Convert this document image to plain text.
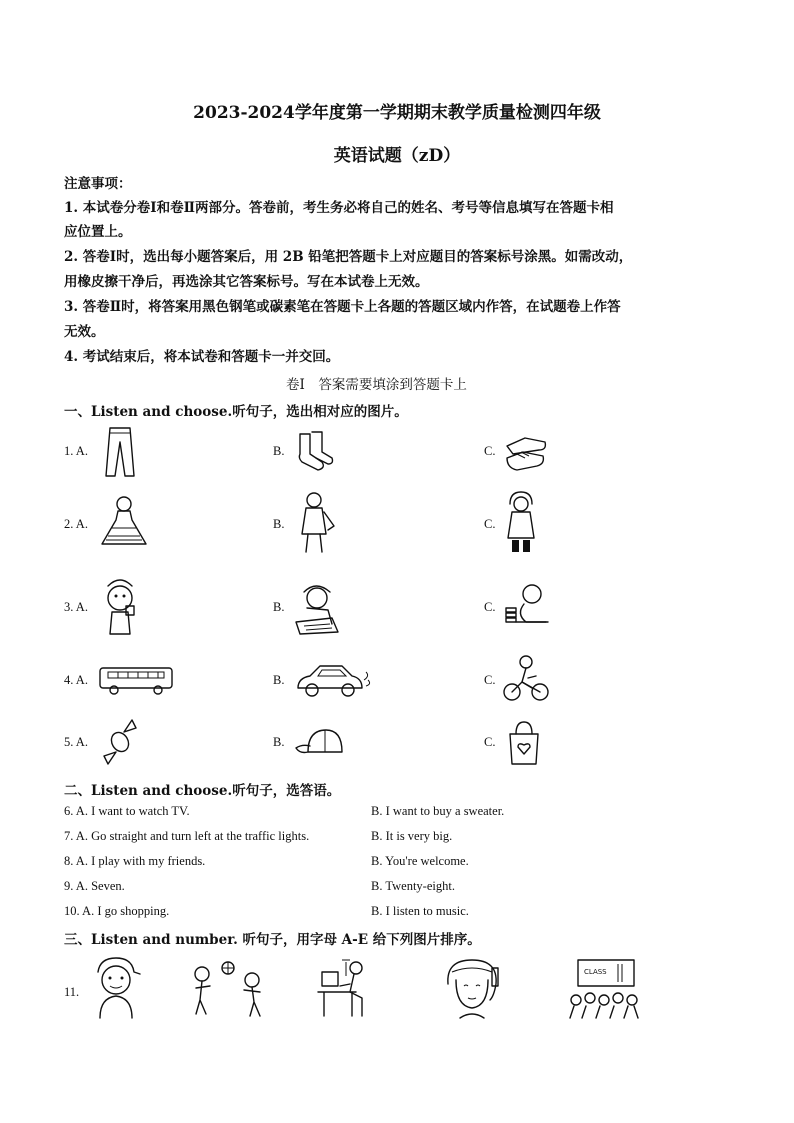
2023-2024学年度第一学期期末教学质量检测四年级
英语试题（zD）
注意事项：
1. 本试卷分卷Ⅰ和卷Ⅱ两部分。答卷前，考生务必将自己的姓名、考号等信息填写在答题卡相
应位置上。
2. 答卷Ⅰ时，选出每小题答案后，用 2B 铅笔把答题卡上对应题目的答案标号涂黑。如需改动，
用橡皮擦干净后，再选涂其它答案标号。写在本试卷上无效。
3. 答卷Ⅱ时，将答案用黑色钢笔或碳素笔在答题卡上各题的答题区域内作答，在试题卷上作答
无效。
4. 考试结束后，将本试卷和答题卡一并交回。
卷Ⅰ　答案需要填涂到答题卡上
一、Listen and choose.听句子，选出相对应的图片。
1. A.	B.	C.
2. A.	B.	C.
3. A.	B.	C.
4. A.	B.	C.
5. A.	B.	C.
二、Listen and choose.听句子，选答语。
6. A. I want to watch TV.	B. I want to buy a sweater.
7. A. Go straight and turn left at the traffic lights.	B. It is very big.
8. A. I play with my friends.	B. You're welcome.
9. A. Seven.	B. Twenty-eight.
10. A. I go shopping.	B. I listen to music.
三、Listen and number. 听句子，用字母 A-E 给下列图片排序。
11.
CLASS
